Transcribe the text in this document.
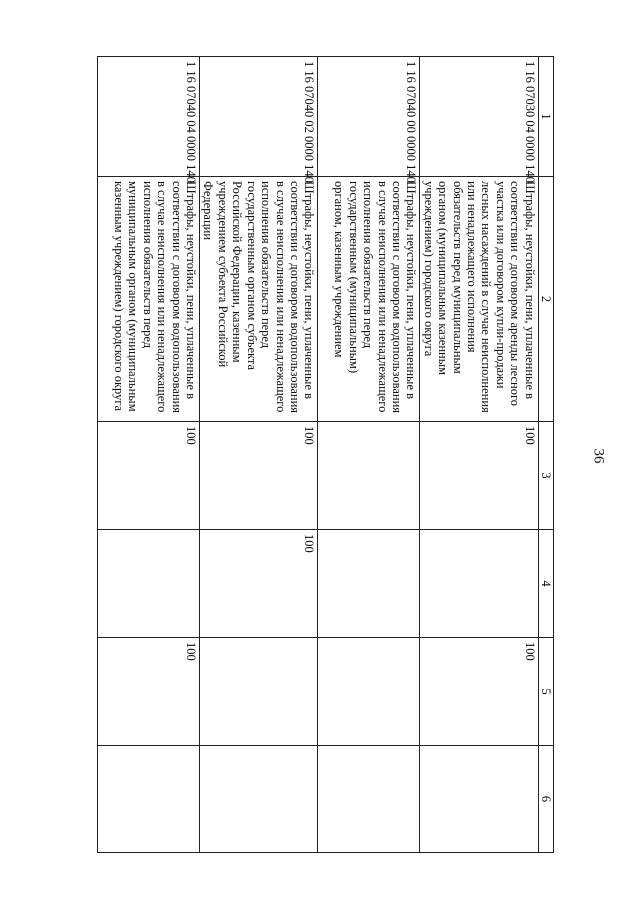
36
1	2	3	4	5	6
1 16 07030 04 0000 140	Штрафы, неустойки, пени, уплаченные в соответствии с договором аренды лесного участка или договором купли-продажи лесных насаждений в случае неисполнения или ненадлежащего исполнения обязательств перед муниципальным органом (муниципальным казенным учреждением) городского округа	100		100	
1 16 07040 00 0000 140	Штрафы, неустойки, пени, уплаченные в соответствии с договором водопользования в случае неисполнения или ненадлежащего исполнения обязательств перед государственным (муниципальным) органом, казенным учреждением				
1 16 07040 02 0000 140	Штрафы, неустойки, пени, уплаченные в соответствии с договором водопользования в случае неисполнения или ненадлежащего исполнения обязательств перед государственным органом субъекта Российской Федерации, казенным учреждением субъекта Российской Федерации	100	100		
1 16 07040 04 0000 140	Штрафы, неустойки, пени, уплаченные в соответствии с договором водопользования в случае неисполнения или ненадлежащего исполнения обязательств перед муниципальным органом (муниципальным казенным учреждением) городского округа	100		100	
